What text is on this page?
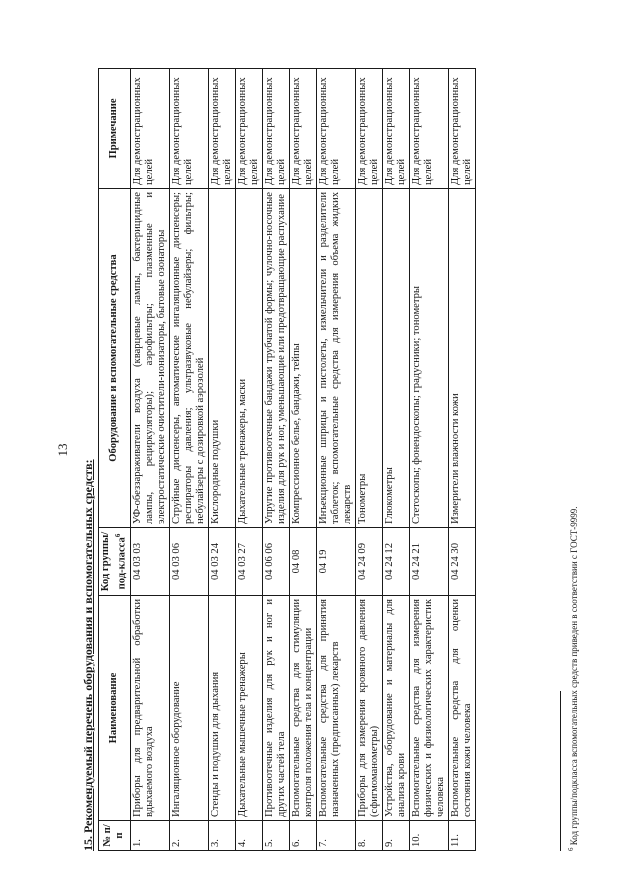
13
15. Рекомендуемый перечень оборудования и вспомогательных средств: № п/п	Наименование	Код группы/под-класса$^6$	Оборудование и вспомогательные средства	Примечание
1.	Приборы для предварительной обработки вдыхаемого воздуха	04 03 03	УФ-обеззараживатели воздуха (кварцевые лампы, бактерицидные лампы, рециркуляторы); аэрофильтры; плазменные и электростатические очистители-ионизаторы, бытовые озонаторы	Для демонстрационных целей
2.	Ингаляционное оборудование	04 03 06	Струйные диспенсеры, автоматические ингаляционные диспенсеры; респираторы давления; ультразвуковые небулайзеры; фильтры; небулайзеры с дозировкой аэрозолей	Для демонстрационных целей
3.	Стенды и подушки для дыхания	04 03 24	Кислородные подушки	Для демонстрационных целей
4.	Дыхательные мышечные тренажеры	04 03 27	Дыхательные тренажеры, маски	Для демонстрационных целей
5.	Противоотечные изделия для рук и ног и других частей тела	04 06 06	Упругие противоотечные бандажи трубчатой формы; чулочно-носочные изделия для рук и ног, уменьшающие или предотвращающие распухание	Для демонстрационных целей
6.	Вспомогательные средства для стимуляции контроля положения тела и концентрации	04 08	Компрессионное белье, бандажи, тейпы	Для демонстрационных целей
7.	Вспомогательные средства для принятия назначенных (предписанных) лекарств	04 19	Инъекционные шприцы и пистолеты, измельчители и разделители таблеток; вспомогательные средства для измерения объема жидких лекарств	Для демонстрационных целей
8.	Приборы для измерения кровяного давления (сфигмоманометры)	04 24 09	Тонометры	Для демонстрационных целей
9.	Устройства, оборудование и материалы для анализа крови	04 24 12	Глюкометры	Для демонстрационных целей
10.	Вспомогательные средства для измерения физических и физиологических характеристик человека	04 24 21	Стетоскопы; фонендоскопы; градусники; тонометры	Для демонстрационных целей
11.	Вспомогательные средства для оценки состояния кожи человека	04 24 30	Измерители влажности кожи	Для демонстрационных целей
$^6$ Код группы/подкласса вспомогательных средств приведен в соответствии с ГОСТ-9999.
